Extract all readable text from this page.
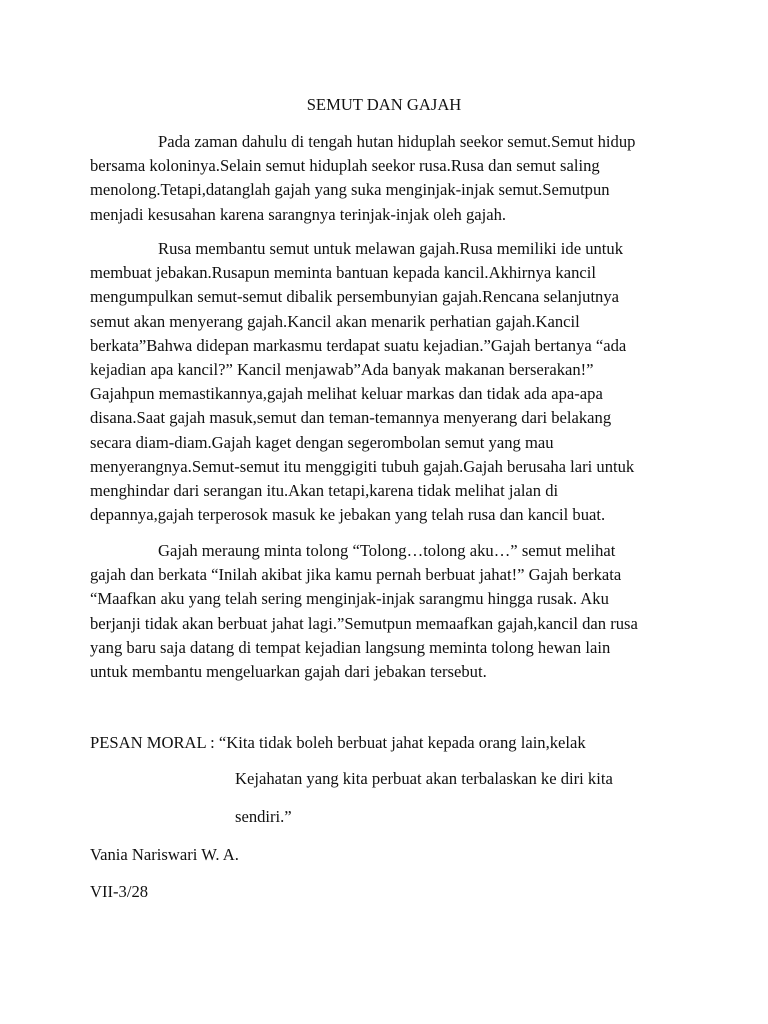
SEMUT DAN GAJAH
Pada zaman dahulu di tengah hutan hiduplah seekor semut.Semut hidup
bersama koloninya.Selain semut hiduplah seekor rusa.Rusa dan semut saling
menolong.Tetapi,datanglah gajah yang suka menginjak-injak semut.Semutpun
menjadi kesusahan karena sarangnya terinjak-injak oleh gajah.
Rusa membantu semut untuk melawan gajah.Rusa memiliki ide untuk
membuat jebakan.Rusapun meminta bantuan kepada kancil.Akhirnya kancil
mengumpulkan semut-semut dibalik persembunyian gajah.Rencana selanjutnya
semut akan menyerang gajah.Kancil akan menarik perhatian gajah.Kancil
berkata”Bahwa didepan markasmu terdapat suatu kejadian.”Gajah bertanya “ada
kejadian apa kancil?” Kancil menjawab”Ada banyak makanan berserakan!”
Gajahpun memastikannya,gajah melihat keluar markas dan tidak ada apa-apa
disana.Saat gajah masuk,semut dan teman-temannya menyerang dari belakang
secara diam-diam.Gajah kaget dengan segerombolan semut yang mau
menyerangnya.Semut-semut itu menggigiti tubuh gajah.Gajah berusaha lari untuk
menghindar dari serangan itu.Akan tetapi,karena tidak melihat jalan di
depannya,gajah terperosok masuk ke jebakan yang telah rusa dan kancil buat.
Gajah meraung minta tolong “Tolong…tolong aku…” semut melihat
gajah dan berkata “Inilah akibat jika kamu pernah berbuat jahat!” Gajah berkata
“Maafkan aku yang telah sering menginjak-injak sarangmu hingga rusak. Aku
berjanji tidak akan berbuat jahat lagi.”Semutpun memaafkan gajah,kancil dan rusa
yang baru saja datang di tempat kejadian langsung meminta tolong hewan lain
untuk membantu mengeluarkan gajah dari jebakan tersebut.
PESAN MORAL : “Kita tidak boleh berbuat jahat kepada orang lain,kelak
Kejahatan yang kita perbuat akan terbalaskan ke diri kita
sendiri.”
Vania Nariswari W. A.
VII-3/28
